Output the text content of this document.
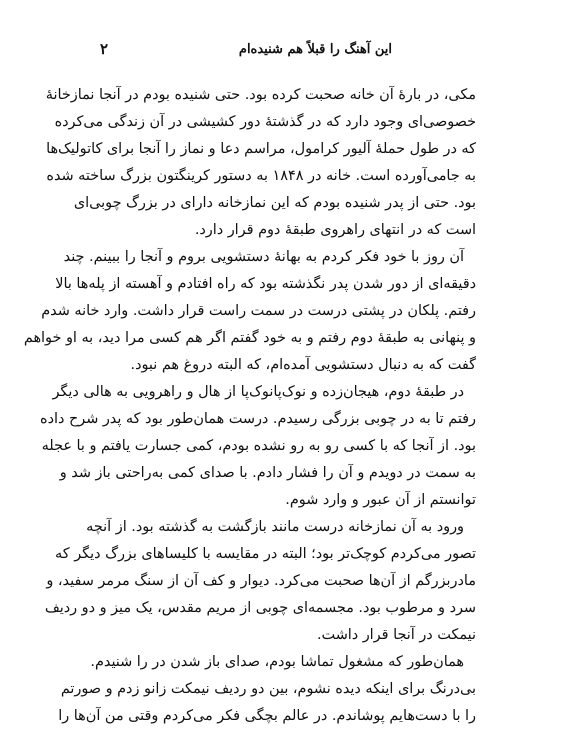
۲	این آهنگ را قبلاً هم شنیده‌ام
مکی، در بارهٔ آن خانه صحبت کرده بود. حتی شنیده بودم در آنجا نمازخانهٔ
خصوصی‌ای وجود دارد که در گذشتهٔ دور کشیشی در آن زندگی می‌کرده
که در طول حملهٔ آلیور کرامول، مراسم دعا و نماز را آنجا برای کاتولیک‌ها
به جامی‌آورده است. خانه در ۱۸۴۸ به دستور کرینگتون بزرگ ساخته شده
بود. حتی از پدر شنیده بودم که این نمازخانه دارای در بزرگ چوبی‌ای
است که در انتهای راهروی طبقهٔ دوم قرار دارد.
آن روز با خود فکر کردم به بهانهٔ دستشویی بروم و آنجا را ببینم. چند
دقیقه‌ای از دور شدن پدر نگذشته بود که راه افتادم و آهسته از پله‌ها بالا
رفتم. پلکان در پشتی درست در سمت راست قرار داشت. وارد خانه شدم
و پنهانی به طبقهٔ دوم رفتم و به خود گفتم اگر هم کسی مرا دید، به او خواهم
گفت که به دنبال دستشویی آمده‌ام، که البته دروغ هم نبود.
در طبقهٔ دوم، هیجان‌زده و نوک‌پانوک‌پا از هال و راهرویی به هالی دیگر
رفتم تا به در چوبی بزرگی رسیدم. درست همان‌طور بود که پدر شرح داده
بود. از آنجا که با کسی رو به رو نشده بودم، کمی جسارت یافتم و با عجله
به سمت در دویدم و آن را فشار دادم. با صدای کمی به‌راحتی باز شد و
توانستم از آن عبور و وارد شوم.
ورود به آن نمازخانه درست مانند بازگشت به گذشته بود. از آنچه
تصور می‌کردم کوچک‌تر بود؛ البته در مقایسه با کلیساهای بزرگ دیگر که
مادربزرگم از آن‌ها صحبت می‌کرد. دیوار و کف آن از سنگ مرمر سفید، و
سرد و مرطوب بود. مجسمه‌ای چوبی از مریم مقدس، یک میز و دو ردیف
نیمکت در آنجا قرار داشت.
همان‌طور که مشغول تماشا بودم، صدای باز شدن در را شنیدم.
بی‌درنگ برای اینکه دیده نشوم، بین دو ردیف نیمکت زانو زدم و صورتم
را با دست‌هایم پوشاندم. در عالم بچگی فکر می‌کردم وقتی من آن‌ها را
